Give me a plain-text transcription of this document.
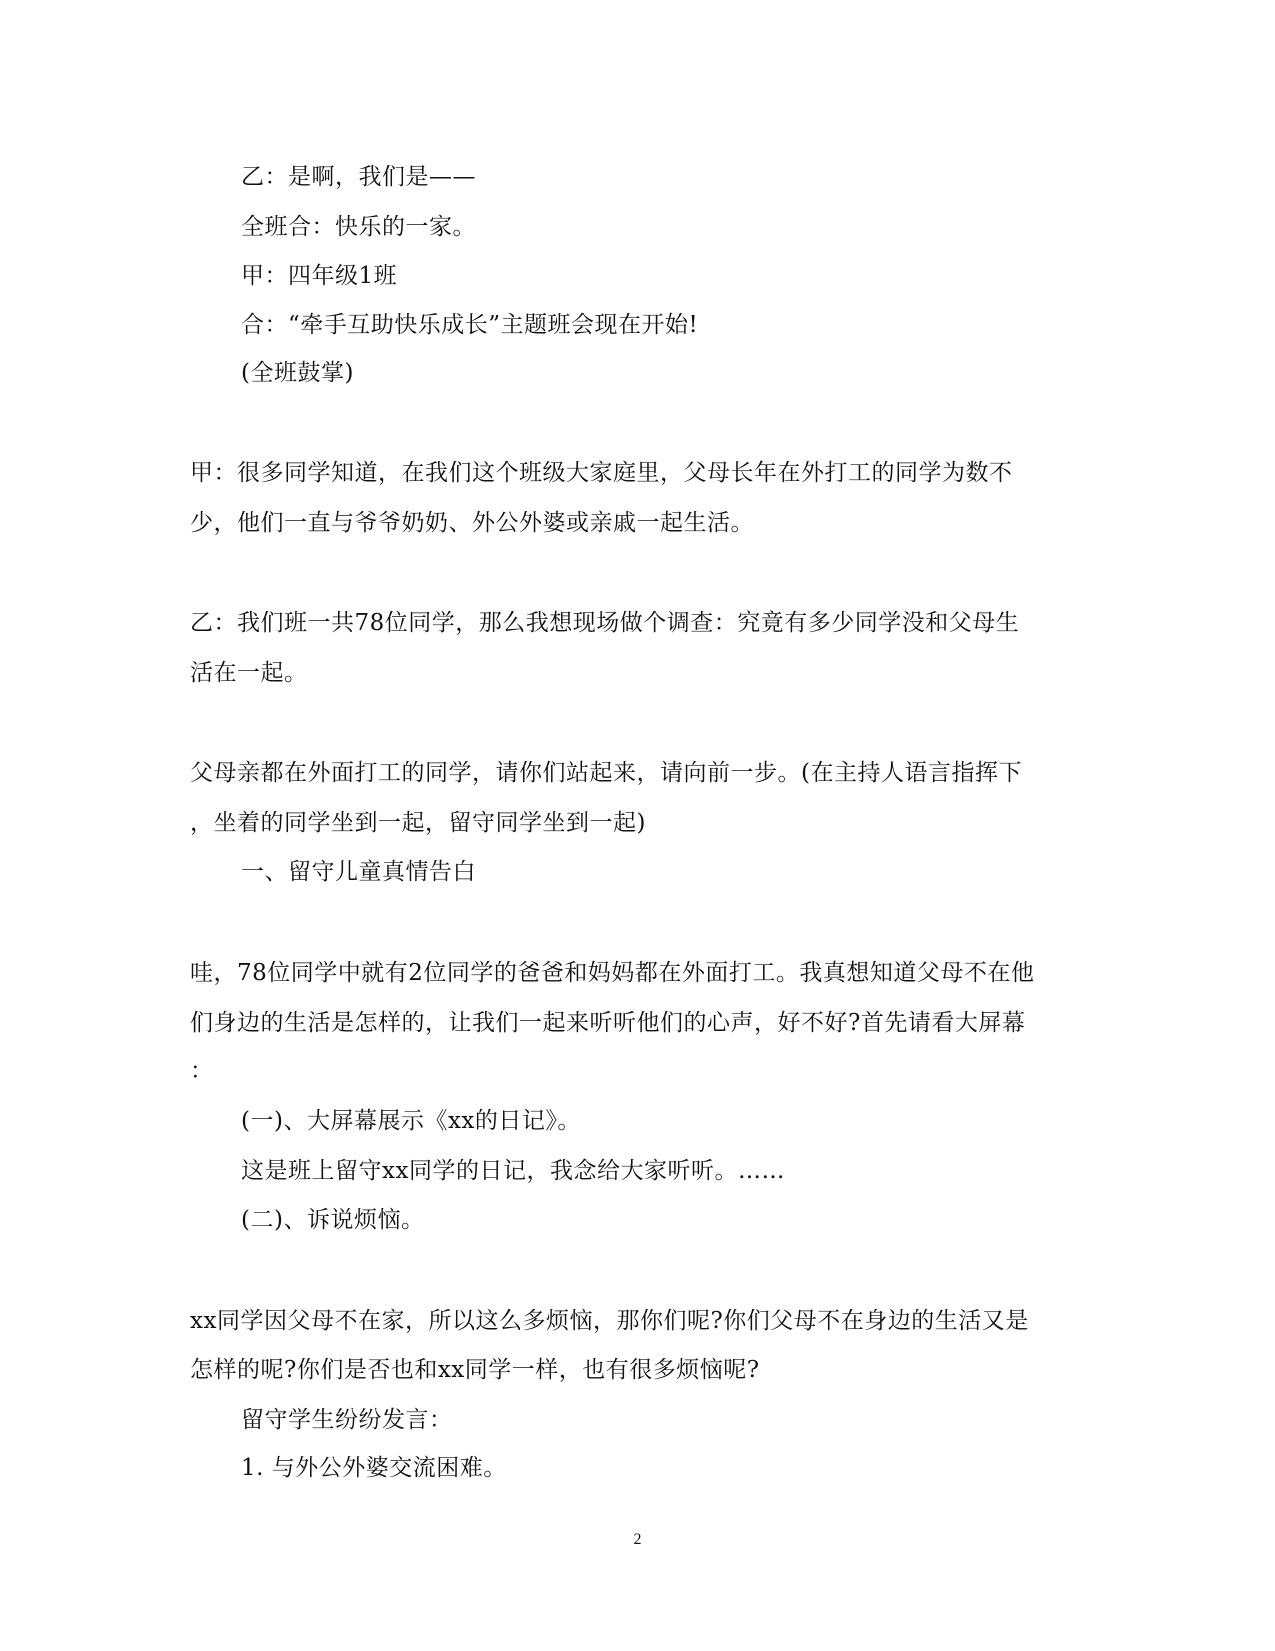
乙：是啊，我们是——
全班合：快乐的一家。
甲：四年级1班
合：“牵手互助快乐成长”主题班会现在开始!
(全班鼓掌)
甲：很多同学知道，在我们这个班级大家庭里，父母长年在外打工的同学为数不
少，他们一直与爷爷奶奶、外公外婆或亲戚一起生活。
乙：我们班一共78位同学，那么我想现场做个调查：究竟有多少同学没和父母生
活在一起。
父母亲都在外面打工的同学，请你们站起来，请向前一步。(在主持人语言指挥下
，坐着的同学坐到一起，留守同学坐到一起)
一、留守儿童真情告白
哇，78位同学中就有2位同学的爸爸和妈妈都在外面打工。我真想知道父母不在他
们身边的生活是怎样的，让我们一起来听听他们的心声，好不好?首先请看大屏幕
：
(一)、大屏幕展示《xx的日记》。
这是班上留守xx同学的日记，我念给大家听听。……
(二)、诉说烦恼。
xx同学因父母不在家，所以这么多烦恼，那你们呢?你们父母不在身边的生活又是
怎样的呢?你们是否也和xx同学一样，也有很多烦恼呢?
留守学生纷纷发言：
1. 与外公外婆交流困难。
2
